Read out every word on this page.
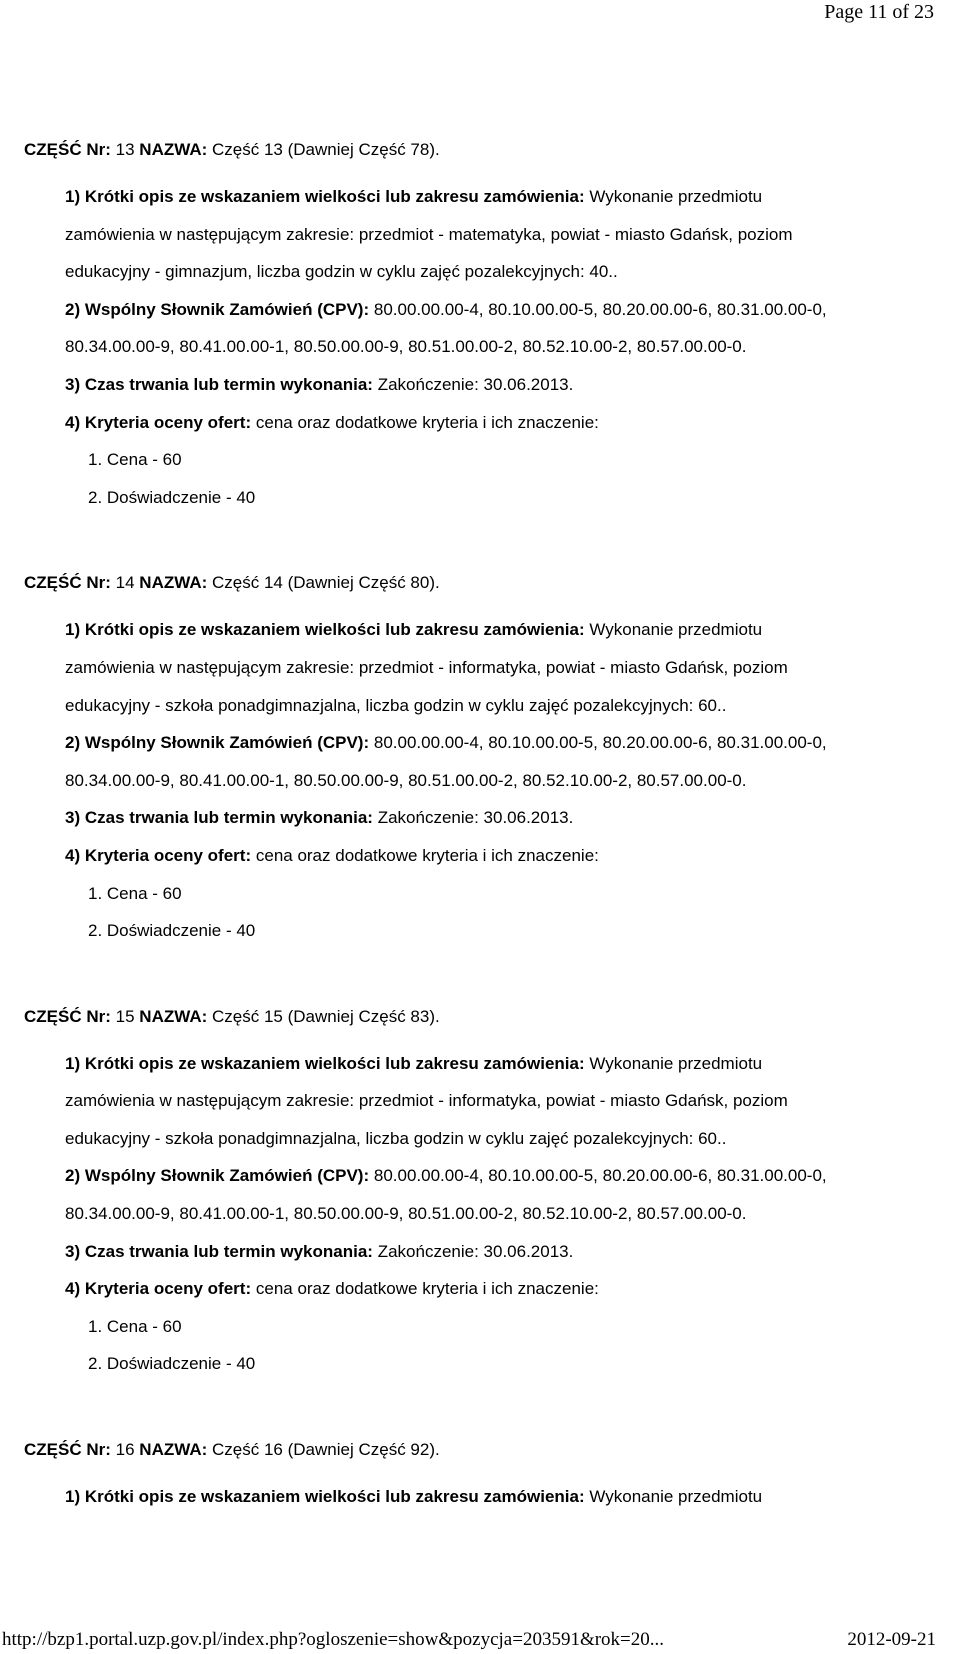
Page 11 of 23
CZĘŚĆ Nr: 13 NAZWA: Część 13 (Dawniej Część 78).

1) Krótki opis ze wskazaniem wielkości lub zakresu zamówienia: Wykonanie przedmiotu
zamówienia w następującym zakresie: przedmiot - matematyka, powiat - miasto Gdańsk, poziom
edukacyjny - gimnazjum, liczba godzin w cyklu zajęć pozalekcyjnych: 40..

2) Wspólny Słownik Zamówień (CPV): 80.00.00.00-4, 80.10.00.00-5, 80.20.00.00-6, 80.31.00.00-0,
80.34.00.00-9, 80.41.00.00-1, 80.50.00.00-9, 80.51.00.00-2, 80.52.10.00-2, 80.57.00.00-0.

3) Czas trwania lub termin wykonania: Zakończenie: 30.06.2013.

4) Kryteria oceny ofert: cena oraz dodatkowe kryteria i ich znaczenie:

1. Cena - 60
2. Doświadczenie - 40
CZĘŚĆ Nr: 14 NAZWA: Część 14 (Dawniej Część 80).

1) Krótki opis ze wskazaniem wielkości lub zakresu zamówienia: Wykonanie przedmiotu
zamówienia w następującym zakresie: przedmiot - informatyka, powiat - miasto Gdańsk, poziom
edukacyjny - szkoła ponadgimnazjalna, liczba godzin w cyklu zajęć pozalekcyjnych: 60..

2) Wspólny Słownik Zamówień (CPV): 80.00.00.00-4, 80.10.00.00-5, 80.20.00.00-6, 80.31.00.00-0,
80.34.00.00-9, 80.41.00.00-1, 80.50.00.00-9, 80.51.00.00-2, 80.52.10.00-2, 80.57.00.00-0.

3) Czas trwania lub termin wykonania: Zakończenie: 30.06.2013.

4) Kryteria oceny ofert: cena oraz dodatkowe kryteria i ich znaczenie:

1. Cena - 60
2. Doświadczenie - 40
CZĘŚĆ Nr: 15 NAZWA: Część 15 (Dawniej Część 83).

1) Krótki opis ze wskazaniem wielkości lub zakresu zamówienia: Wykonanie przedmiotu
zamówienia w następującym zakresie: przedmiot - informatyka, powiat - miasto Gdańsk, poziom
edukacyjny - szkoła ponadgimnazjalna, liczba godzin w cyklu zajęć pozalekcyjnych: 60..

2) Wspólny Słownik Zamówień (CPV): 80.00.00.00-4, 80.10.00.00-5, 80.20.00.00-6, 80.31.00.00-0,
80.34.00.00-9, 80.41.00.00-1, 80.50.00.00-9, 80.51.00.00-2, 80.52.10.00-2, 80.57.00.00-0.

3) Czas trwania lub termin wykonania: Zakończenie: 30.06.2013.

4) Kryteria oceny ofert: cena oraz dodatkowe kryteria i ich znaczenie:

1. Cena - 60
2. Doświadczenie - 40
CZĘŚĆ Nr: 16 NAZWA: Część 16 (Dawniej Część 92).

1) Krótki opis ze wskazaniem wielkości lub zakresu zamówienia: Wykonanie przedmiotu

http://bzp1.portal.uzp.gov.pl/index.php?ogloszenie=show&pozycja=203591&rok=20...	2012-09-21
